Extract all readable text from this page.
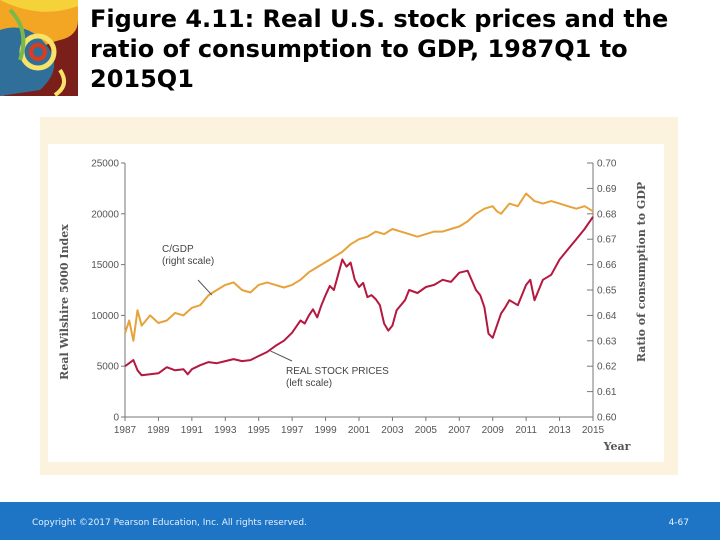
Figure 4.11: Real U.S. stock prices and the ratio of consumption to GDP, 1987Q1 to 2015Q1
0
5000
10000
15000
20000
25000
0.60
0.61
0.62
0.63
0.64
0.65
0.66
0.67
0.68
0.69
0.70
1987 1989 1991 1993 1995 1997 1999 2001 2003 2005 2007 2009 2011 2013 2015
Year
Real Wilshire 5000 Index	Ratio of consumption to GDP
C/GDP (right scale)
REAL STOCK PRICES (left scale)
Copyright ©2017 Pearson Education, Inc. All rights reserved.	4-67
